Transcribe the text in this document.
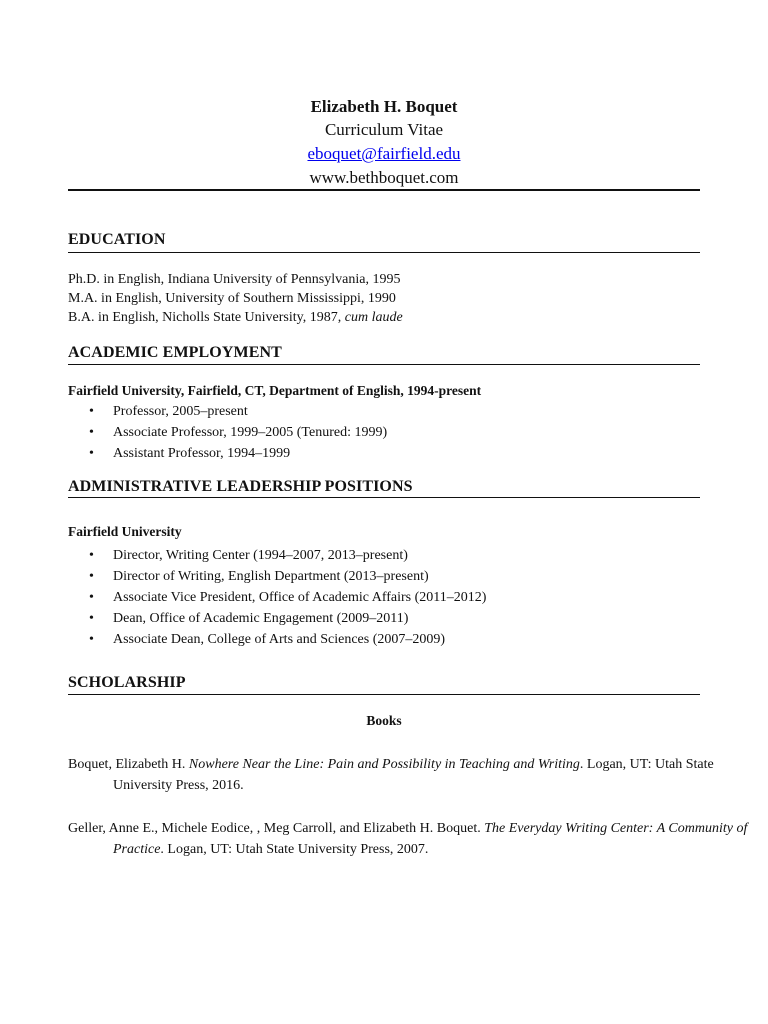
Elizabeth H. Boquet
Curriculum Vitae
eboquet@fairfield.edu
www.bethboquet.com
EDUCATION
Ph.D. in English, Indiana University of Pennsylvania, 1995
M.A. in English, University of Southern Mississippi, 1990
B.A. in English, Nicholls State University, 1987, cum laude
ACADEMIC EMPLOYMENT
Fairfield University, Fairfield, CT, Department of English, 1994-present
• Professor, 2005–present
• Associate Professor, 1999–2005 (Tenured: 1999)
• Assistant Professor, 1994–1999
ADMINISTRATIVE LEADERSHIP POSITIONS
Fairfield University
• Director, Writing Center (1994–2007, 2013–present)
• Director of Writing, English Department (2013–present)
• Associate Vice President, Office of Academic Affairs (2011–2012)
• Dean, Office of Academic Engagement (2009–2011)
• Associate Dean, College of Arts and Sciences (2007–2009)
SCHOLARSHIP
Books
Boquet, Elizabeth H. Nowhere Near the Line: Pain and Possibility in Teaching and Writing. Logan, UT: Utah State University Press, 2016.
Geller, Anne E., Michele Eodice, , Meg Carroll, and Elizabeth H. Boquet. The Everyday Writing Center: A Community of Practice. Logan, UT: Utah State University Press, 2007.
